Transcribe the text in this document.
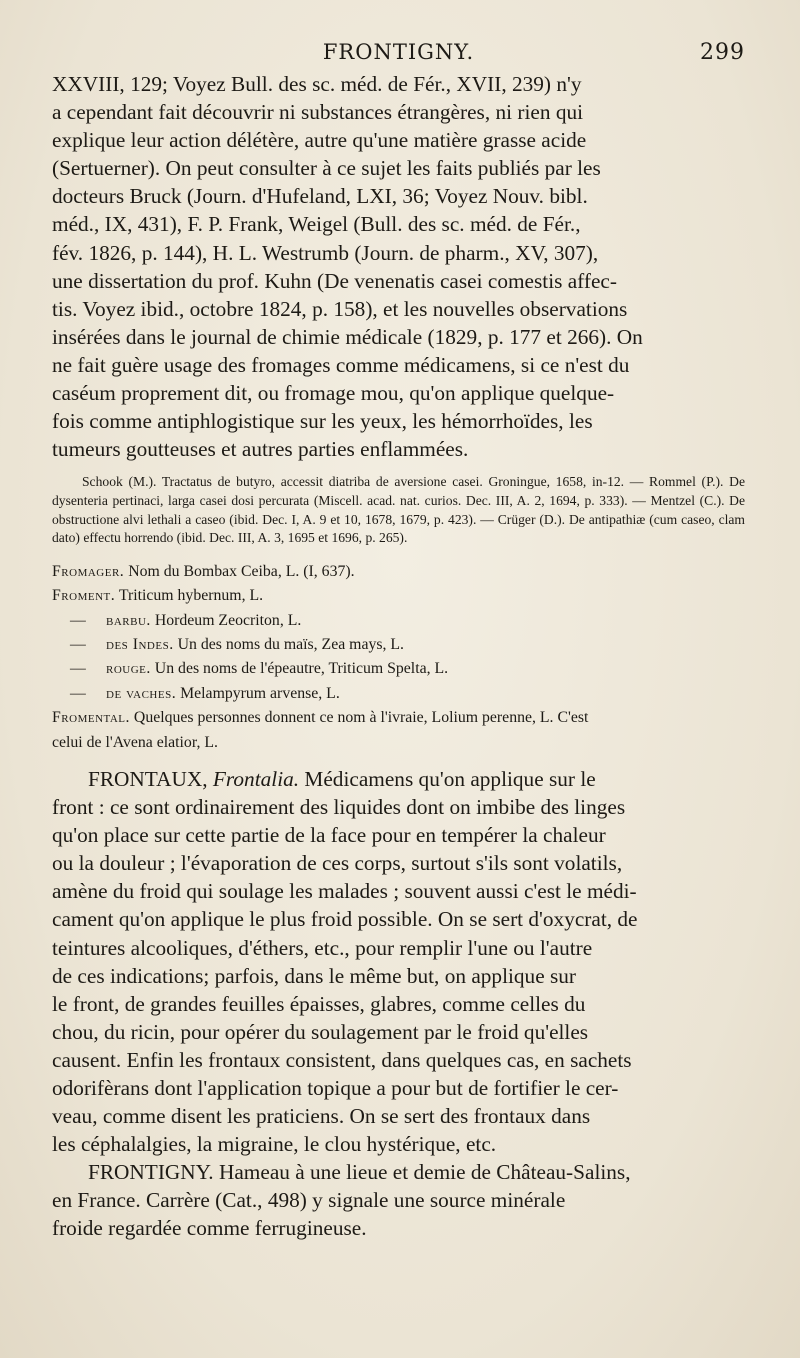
FRONTIGNY.	299

XXVIII, 129; Voyez Bull. des sc. méd. de Fér., XVII, 239) n'y

a cependant fait découvrir ni substances étrangères, ni rien qui

explique leur action délétère, autre qu'une matière grasse acide

(Sertuerner). On peut consulter à ce sujet les faits publiés par les

docteurs Bruck (Journ. d'Hufeland, LXI, 36; Voyez Nouv. bibl.

méd., IX, 431), F. P. Frank, Weigel (Bull. des sc. méd. de Fér.,

fév. 1826, p. 144), H. L. Westrumb (Journ. de pharm., XV, 307),

une dissertation du prof. Kuhn (De venenatis casei comestis affec-

tis. Voyez ibid., octobre 1824, p. 158), et les nouvelles observations

insérées dans le journal de chimie médicale (1829, p. 177 et 266). On

ne fait guère usage des fromages comme médicamens, si ce n'est du

caséum proprement dit, ou fromage mou, qu'on applique quelque-

fois comme antiphlogistique sur les yeux, les hémorrhoïdes, les

tumeurs goutteuses et autres parties enflammées.

Schook (M.). Tractatus de butyro, accessit diatriba de aversione casei. Groningue, 1658, in-12. — Rommel (P.). De dysenteria pertinaci, larga casei dosi percurata (Miscell. acad. nat. curios. Dec. III, A. 2, 1694, p. 333). — Mentzel (C.). De obstructione alvi lethali a caseo (ibid. Dec. I, A. 9 et 10, 1678, 1679, p. 423). — Crüger (D.). De antipathiæ (cum caseo, clam dato) effectu horrendo (ibid. Dec. III, A. 3, 1695 et 1696, p. 265).

Fromager. Nom du Bombax Ceiba, L. (I, 637).

Froment. Triticum hybernum, L.

— barbu. Hordeum Zeocriton, L.

— des Indes. Un des noms du maïs, Zea mays, L.

— rouge. Un des noms de l'épeautre, Triticum Spelta, L.

— de vaches. Melampyrum arvense, L.

Fromental. Quelques personnes donnent ce nom à l'ivraie, Lolium perenne, L. C'est

celui de l'Avena elatior, L.

FRONTAUX, Frontalia. Médicamens qu'on applique sur le

front : ce sont ordinairement des liquides dont on imbibe des linges

qu'on place sur cette partie de la face pour en tempérer la chaleur

ou la douleur ; l'évaporation de ces corps, surtout s'ils sont volatils,

amène du froid qui soulage les malades ; souvent aussi c'est le médi-

cament qu'on applique le plus froid possible. On se sert d'oxycrat, de

teintures alcooliques, d'éthers, etc., pour remplir l'une ou l'autre

de ces indications; parfois, dans le même but, on applique sur

le front, de grandes feuilles épaisses, glabres, comme celles du

chou, du ricin, pour opérer du soulagement par le froid qu'elles

causent. Enfin les frontaux consistent, dans quelques cas, en sachets

odorifèrans dont l'application topique a pour but de fortifier le cer-

veau, comme disent les praticiens. On se sert des frontaux dans

les céphalalgies, la migraine, le clou hystérique, etc.

FRONTIGNY. Hameau à une lieue et demie de Château-Salins,

en France. Carrère (Cat., 498) y signale une source minérale

froide regardée comme ferrugineuse.
